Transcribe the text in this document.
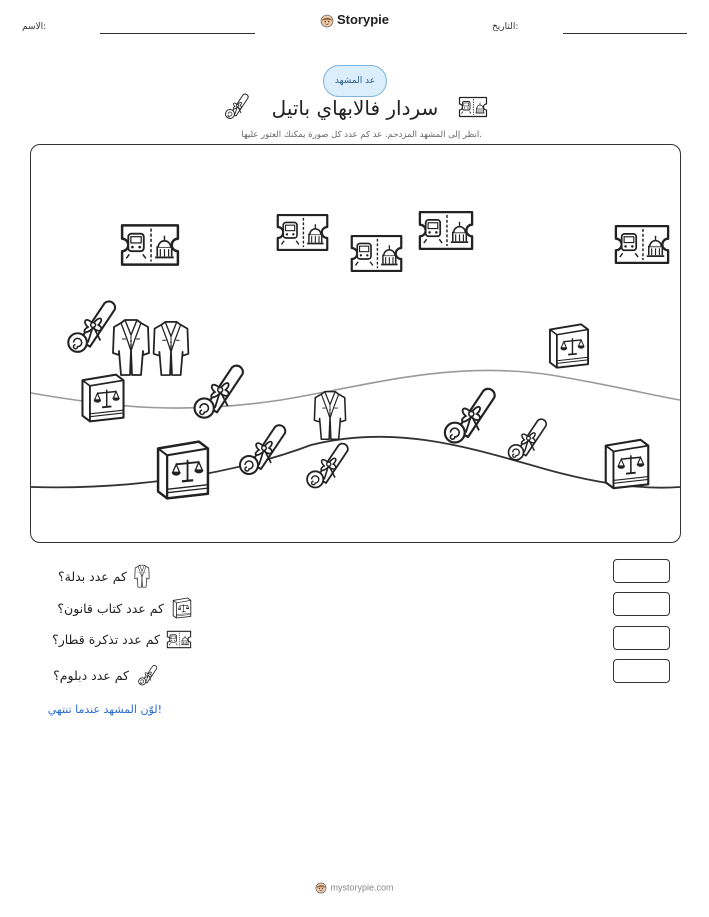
الاسم:	التاريخ:
Storypie
عد المشهد
سردار فالابهاي باتيل
انظر إلى المشهد المزدحم. عد كم عدد كل صورة يمكنك العثور عليها.
كم عدد بدلة؟
كم عدد كتاب قانون؟
كم عدد تذكرة قطار؟
كم عدد دبلوم؟
لوّن المشهد عندما تنتهي!
mystorypie.com
